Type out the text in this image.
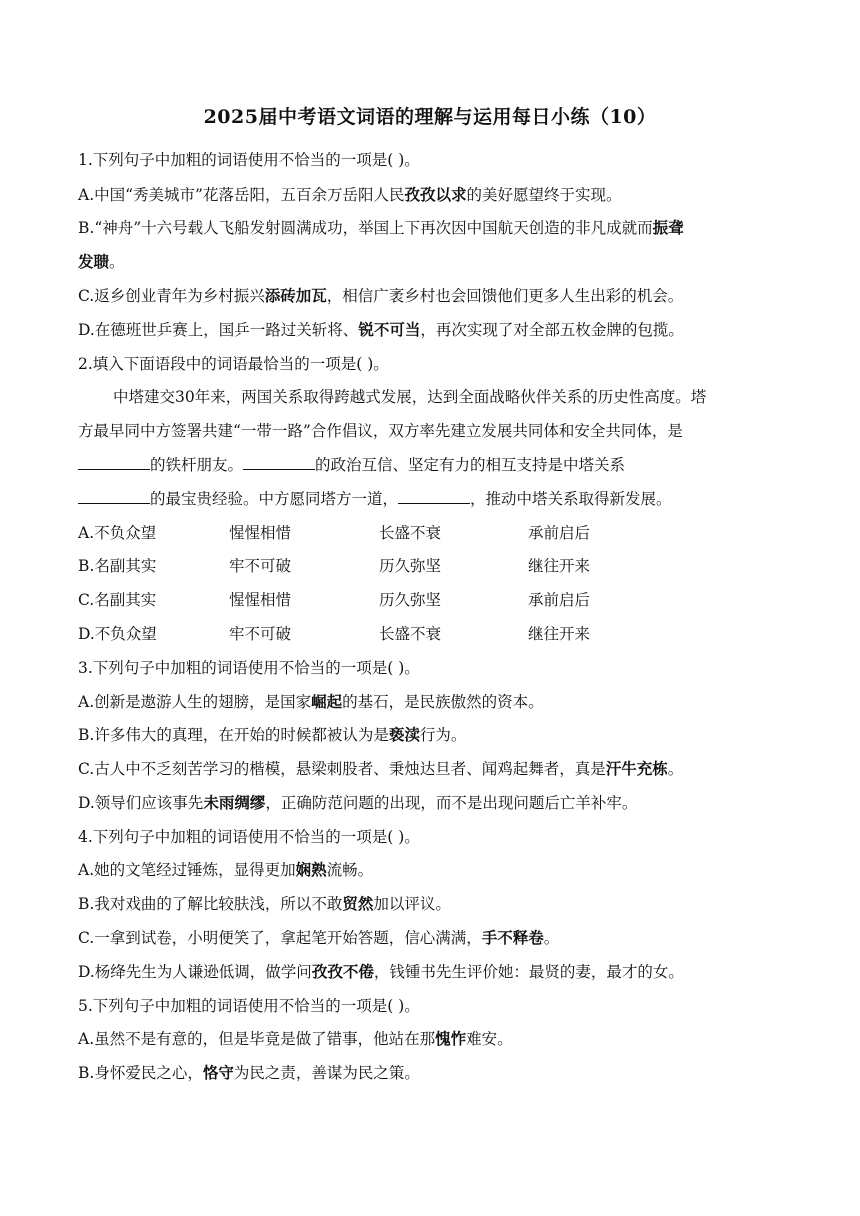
2025届中考语文词语的理解与运用每日小练（10）
1.下列句子中加粗的词语使用不恰当的一项是( )。
A.中国“秀美城市”花落岳阳，五百余万岳阳人民孜孜以求的美好愿望终于实现。
B.“神舟”十六号载人飞船发射圆满成功，举国上下再次因中国航天创造的非凡成就而振聋
发聩。
C.返乡创业青年为乡村振兴添砖加瓦，相信广袤乡村也会回馈他们更多人生出彩的机会。
D.在德班世乒赛上，国乒一路过关斩将、锐不可当，再次实现了对全部五枚金牌的包揽。
2.填入下面语段中的词语最恰当的一项是( )。
中塔建交30年来，两国关系取得跨越式发展，达到全面战略伙伴关系的历史性高度。塔
方最早同中方签署共建“一带一路”合作倡议，双方率先建立发展共同体和安全共同体，是
的铁杆朋友。	的政治互信、坚定有力的相互支持是中塔关系
的最宝贵经验。中方愿同塔方一道，	，推动中塔关系取得新发展。
A.不负众望	惺惺相惜	长盛不衰	承前启后
B.名副其实	牢不可破	历久弥坚	继往开来
C.名副其实	惺惺相惜	历久弥坚	承前启后
D.不负众望	牢不可破	长盛不衰	继往开来
3.下列句子中加粗的词语使用不恰当的一项是( )。
A.创新是遨游人生的翅膀，是国家崛起的基石，是民族傲然的资本。
B.许多伟大的真理，在开始的时候都被认为是亵渎行为。
C.古人中不乏刻苦学习的楷模，悬梁刺股者、秉烛达旦者、闻鸡起舞者，真是汗牛充栋。
D.领导们应该事先未雨绸缪，正确防范问题的出现，而不是出现问题后亡羊补牢。
4.下列句子中加粗的词语使用不恰当的一项是( )。
A.她的文笔经过锤炼，显得更加娴熟流畅。
B.我对戏曲的了解比较肤浅，所以不敢贸然加以评议。
C.一拿到试卷，小明便笑了，拿起笔开始答题，信心满满，手不释卷。
D.杨绛先生为人谦逊低调，做学问孜孜不倦，钱锺书先生评价她：最贤的妻，最才的女。
5.下列句子中加粗的词语使用不恰当的一项是( )。
A.虽然不是有意的，但是毕竟是做了错事，他站在那愧怍难安。
B.身怀爱民之心，恪守为民之责，善谋为民之策。
